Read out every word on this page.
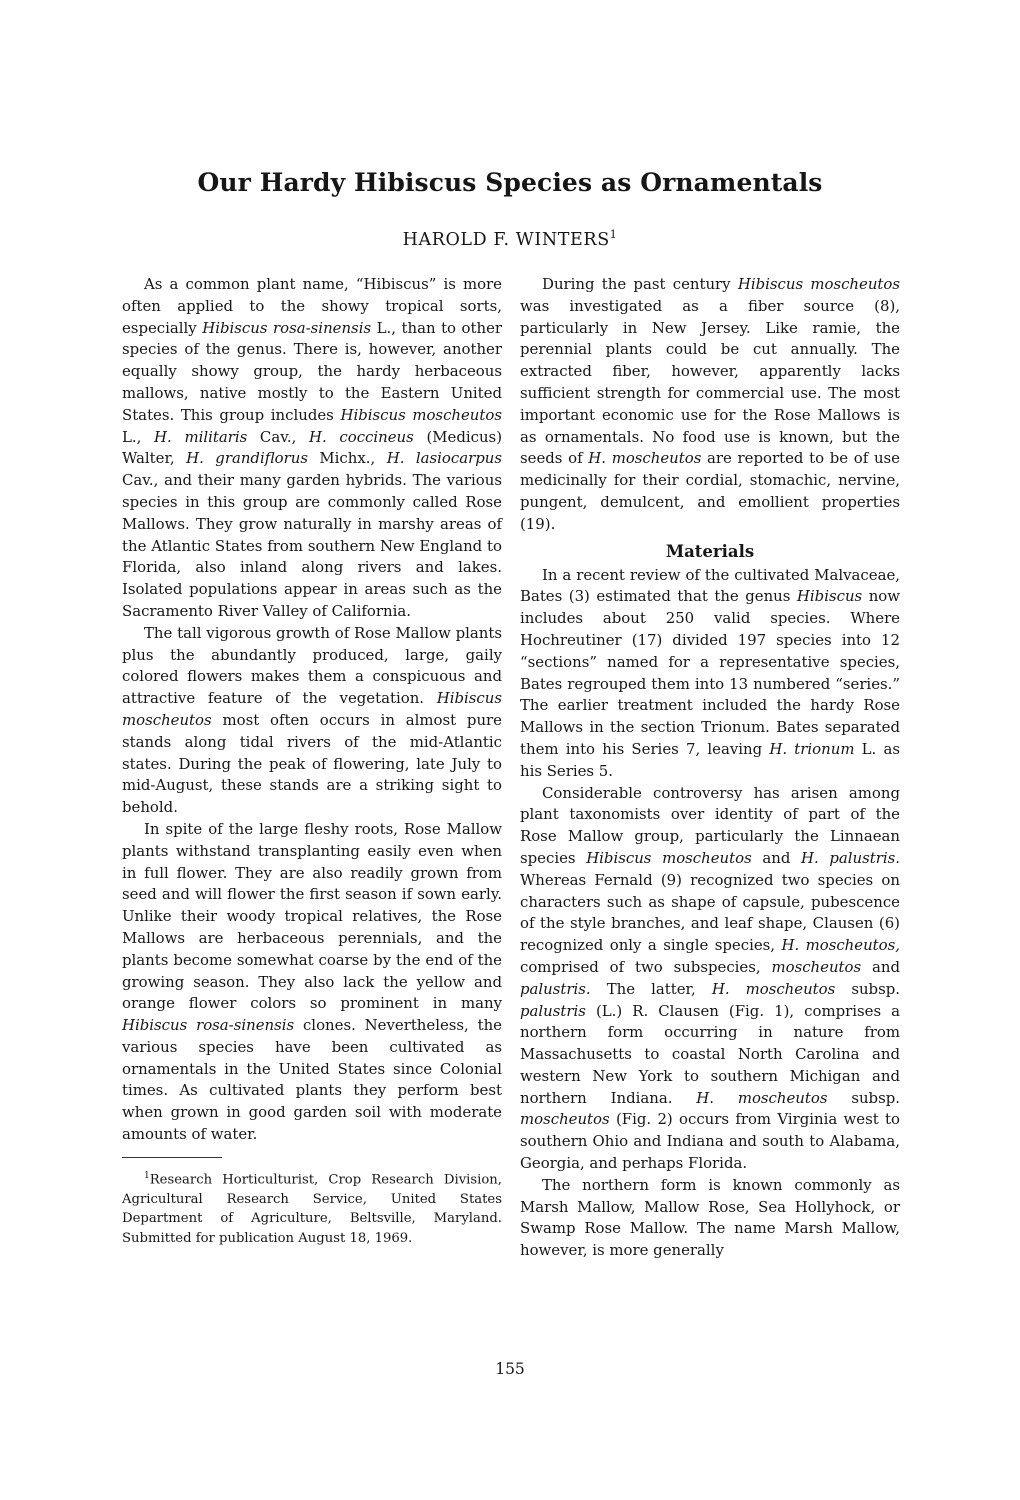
Our Hardy Hibiscus Species as Ornamentals
HAROLD F. WINTERS$^1$

As a common plant name, “Hibiscus” is more often applied to the showy tropical sorts, especially Hibiscus rosa-sinensis L., than to other species of the genus. There is, however, another equally showy group, the hardy herbaceous mallows, native mostly to the Eastern United States. This group includes Hibiscus moscheutos L., H. militaris Cav., H. coccineus (Medicus) Walter, H. grandiflorus Michx., H. lasiocarpus Cav., and their many garden hybrids. The various species in this group are commonly called Rose Mallows. They grow naturally in marshy areas of the Atlantic States from southern New England to Florida, also inland along rivers and lakes. Isolated populations appear in areas such as the Sacramento River Valley of California.

The tall vigorous growth of Rose Mallow plants plus the abundantly produced, large, gaily colored flowers makes them a conspicuous and attractive feature of the vegetation. Hibiscus moscheutos most often occurs in almost pure stands along tidal rivers of the mid-Atlantic states. During the peak of flowering, late July to mid-August, these stands are a striking sight to behold.

In spite of the large fleshy roots, Rose Mallow plants withstand transplanting easily even when in full flower. They are also readily grown from seed and will flower the first season if sown early. Unlike their woody tropical relatives, the Rose Mallows are herbaceous perennials, and the plants become somewhat coarse by the end of the growing season. They also lack the yellow and orange flower colors so prominent in many Hibiscus rosa-sinensis clones. Nevertheless, the various species have been cultivated as ornamentals in the United States since Colonial times. As cultivated plants they perform best when grown in good garden soil with moderate amounts of water.

$^1$Research Horticulturist, Crop Research Division, Agricultural Research Service, United States Department of Agriculture, Beltsville, Maryland. Submitted for publication August 18, 1969.

During the past century Hibiscus moscheutos was investigated as a fiber source (8), particularly in New Jersey. Like ramie, the perennial plants could be cut annually. The extracted fiber, however, apparently lacks sufficient strength for commercial use. The most important economic use for the Rose Mallows is as ornamentals. No food use is known, but the seeds of H. moscheutos are reported to be of use medicinally for their cordial, stomachic, nervine, pungent, demulcent, and emollient properties (19).

Materials

In a recent review of the cultivated Malvaceae, Bates (3) estimated that the genus Hibiscus now includes about 250 valid species. Where Hochreutiner (17) divided 197 species into 12 “sections” named for a representative species, Bates regrouped them into 13 numbered “series.” The earlier treatment included the hardy Rose Mallows in the section Trionum. Bates separated them into his Series 7, leaving H. trionum L. as his Series 5.

Considerable controversy has arisen among plant taxonomists over identity of part of the Rose Mallow group, particularly the Linnaean species Hibiscus moscheutos and H. palustris. Whereas Fernald (9) recognized two species on characters such as shape of capsule, pubescence of the style branches, and leaf shape, Clausen (6) recognized only a single species, H. moscheutos, comprised of two subspecies, moscheutos and palustris. The latter, H. moscheutos subsp. palustris (L.) R. Clausen (Fig. 1), comprises a northern form occurring in nature from Massachusetts to coastal North Carolina and western New York to southern Michigan and northern Indiana. H. moscheutos subsp. moscheutos (Fig. 2) occurs from Virginia west to southern Ohio and Indiana and south to Alabama, Georgia, and perhaps Florida.

The northern form is known commonly as Marsh Mallow, Mallow Rose, Sea Hollyhock, or Swamp Rose Mallow. The name Marsh Mallow, however, is more generally

155
